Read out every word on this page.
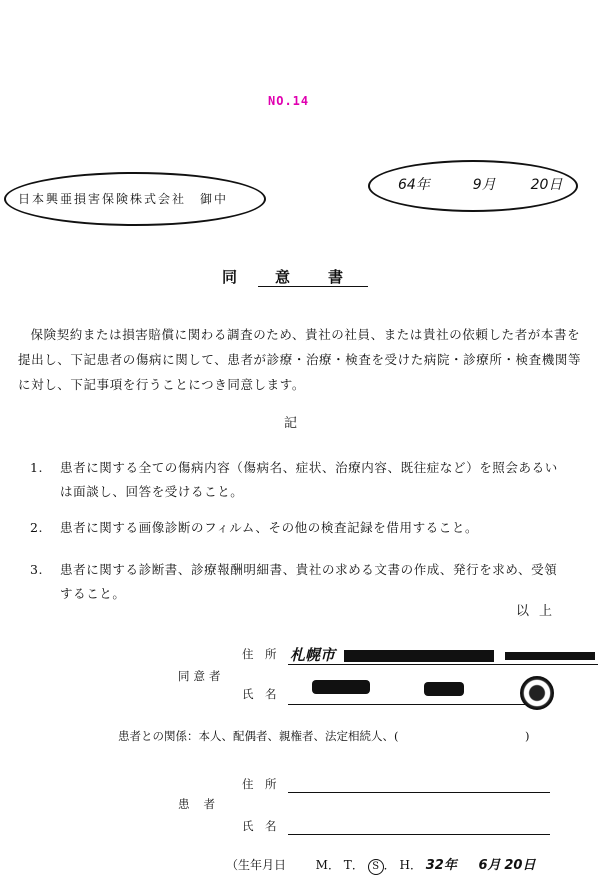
NO.14
日本興亜損害保険株式会社　御中
64年	9月 20日
同意書
保険契約または損害賠償に関わる調査のため、貴社の社員、または貴社の依頼した者が本書を提出し、下記患者の傷病に関して、患者が診療・治療・検査を受けた病院・診療所・検査機関等に対し、下記事項を行うことにつき同意します。
記
1.	患者に関する全ての傷病内容（傷病名、症状、治療内容、既往症など）を照会あるいは面談し、回答を受けること。
2.	患者に関する画像診断のフィルム、その他の検査記録を借用すること。
3.	患者に関する診断書、診療報酬明細書、貴社の求める文書の作成、発行を求め、受領すること。
以上
同意者
住　所 札幌市
氏　名
患者との関係：本人、配偶者、親権者、法定相続人、(　　　　　　　　　　　)
患者
住　所
氏　名
（生年月日 M． T． S ． H． 32年 6月 20日
